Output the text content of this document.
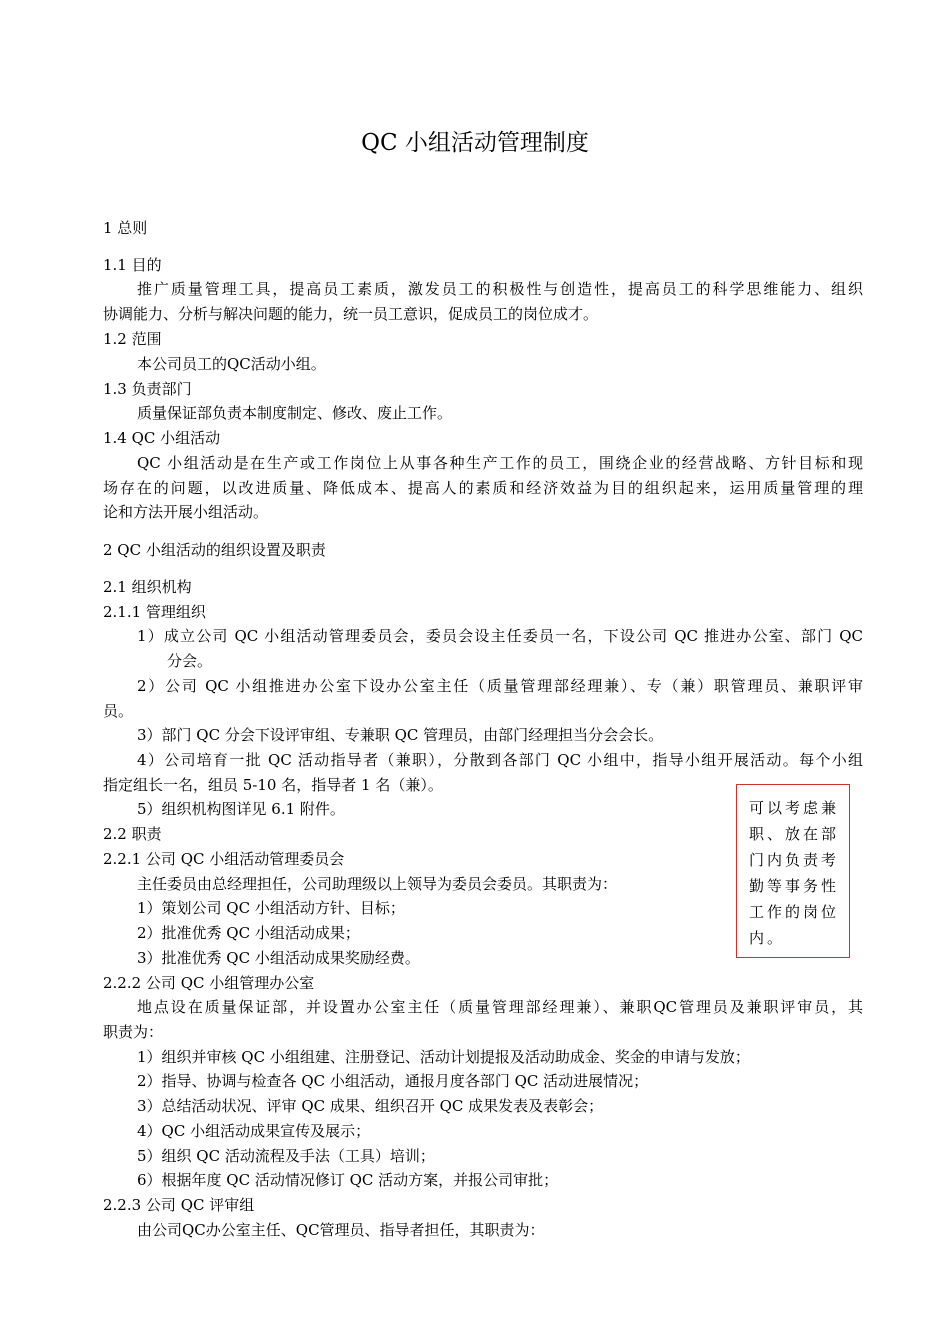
QC 小组活动管理制度
1 总则
1.1 目的
推广质量管理工具，提高员工素质，激发员工的积极性与创造性，提高员工的科学思维能力、组织
协调能力、分析与解决问题的能力，统一员工意识，促成员工的岗位成才。
1.2 范围
本公司员工的QC活动小组。
1.3 负责部门
质量保证部负责本制度制定、修改、废止工作。
1.4 QC 小组活动
QC 小组活动是在生产或工作岗位上从事各种生产工作的员工，围绕企业的经营战略、方针目标和现
场存在的问题，以改进质量、降低成本、提高人的素质和经济效益为目的组织起来，运用质量管理的理
论和方法开展小组活动。
2 QC 小组活动的组织设置及职责
2.1 组织机构
2.1.1 管理组织
1）成立公司 QC 小组活动管理委员会，委员会设主任委员一名，下设公司 QC 推进办公室、部门 QC
分会。
2）公司 QC 小组推进办公室下设办公室主任（质量管理部经理兼）、专（兼）职管理员、兼职评审
员。
3）部门 QC 分会下设评审组、专兼职 QC 管理员，由部门经理担当分会会长。
4）公司培育一批 QC 活动指导者（兼职），分散到各部门 QC 小组中，指导小组开展活动。每个小组
指定组长一名，组员 5-10 名，指导者 1 名（兼）。
5）组织机构图详见 6.1 附件。
2.2 职责
2.2.1 公司 QC 小组活动管理委员会
主任委员由总经理担任，公司助理级以上领导为委员会委员。其职责为：
1）策划公司 QC 小组活动方针、目标；
2）批准优秀 QC 小组活动成果；
3）批准优秀 QC 小组活动成果奖励经费。
2.2.2 公司 QC 小组管理办公室
地点设在质量保证部，并设置办公室主任（质量管理部经理兼）、兼职QC管理员及兼职评审员，其
职责为：
1）组织并审核 QC 小组组建、注册登记、活动计划提报及活动助成金、奖金的申请与发放；
2）指导、协调与检查各 QC 小组活动，通报月度各部门 QC 活动进展情况；
3）总结活动状况、评审 QC 成果、组织召开 QC 成果发表及表彰会；
4）QC 小组活动成果宣传及展示；
5）组织 QC 活动流程及手法（工具）培训；
6）根据年度 QC 活动情况修订 QC 活动方案，并报公司审批；
2.2.3 公司 QC 评审组
由公司QC办公室主任、QC管理员、指导者担任，其职责为：
可以考虑兼
职、放在部
门内负责考
勤等事务性
工作的岗位
内。
